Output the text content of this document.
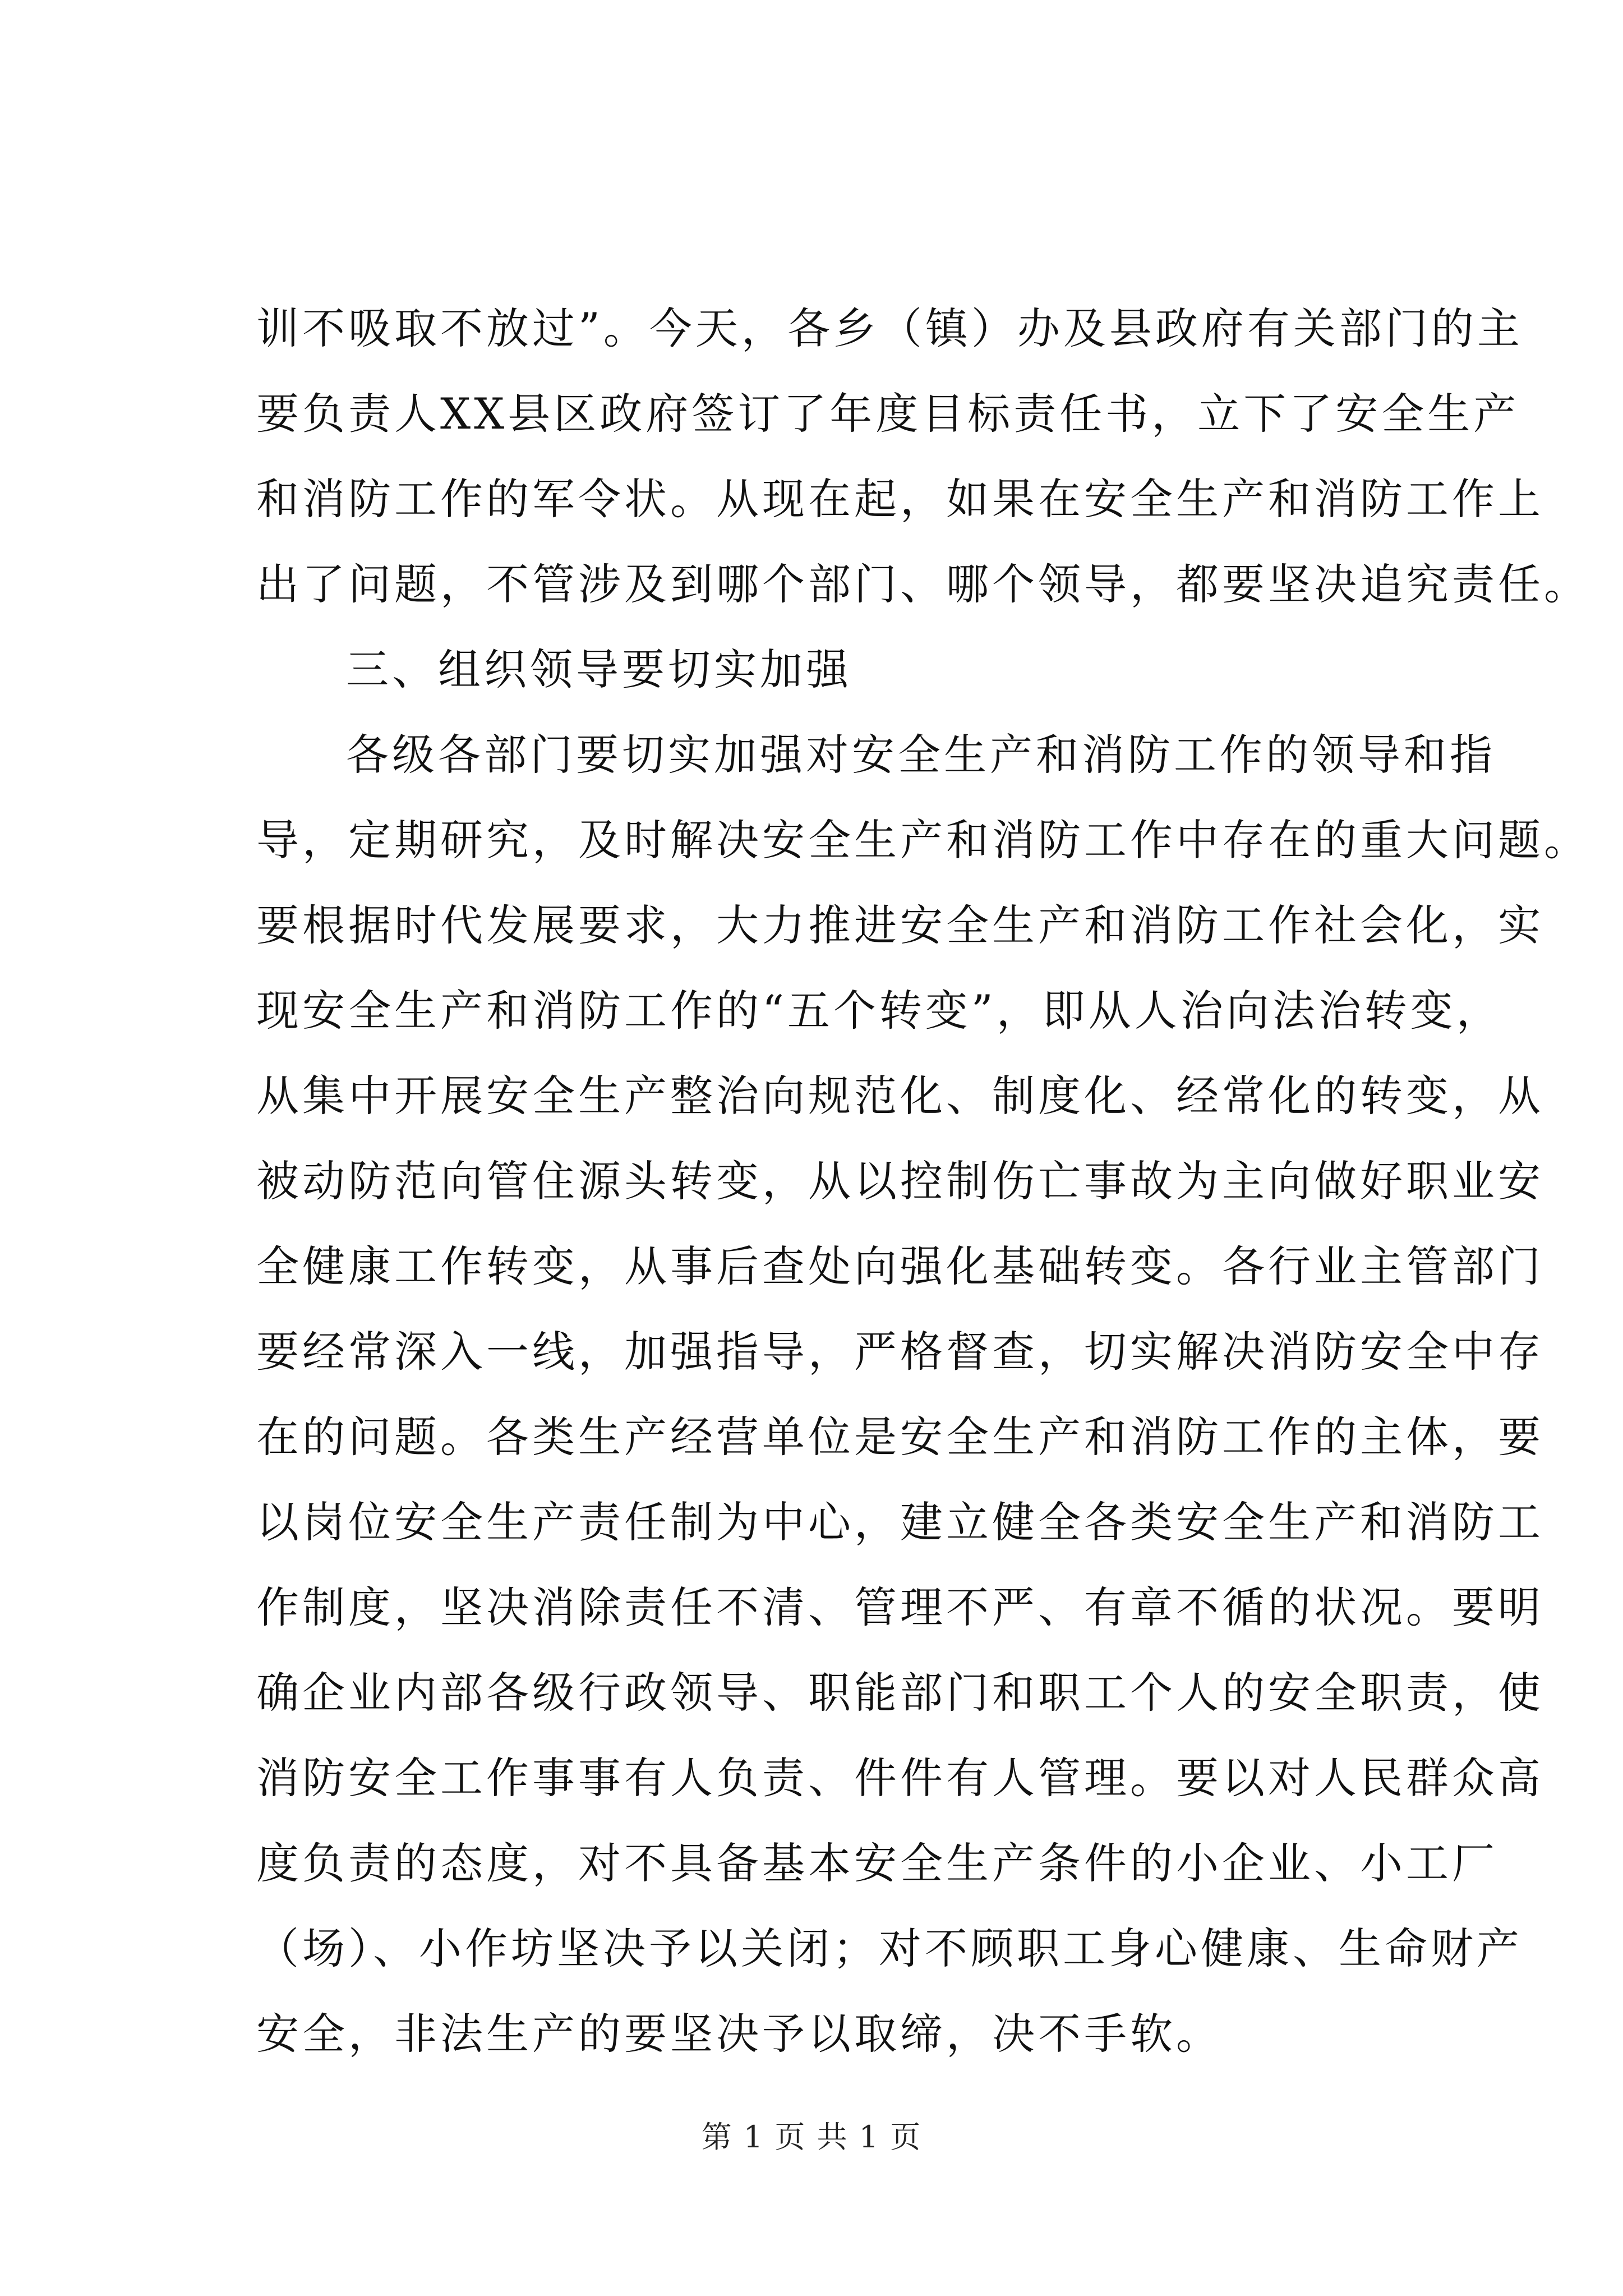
训不吸取不放过”。今天，各乡（镇）办及县政府有关部门的主
要负责人XX县区政府签订了年度目标责任书，立下了安全生产
和消防工作的军令状。从现在起，如果在安全生产和消防工作上
出了问题，不管涉及到哪个部门、哪个领导，都要坚决追究责任。
三、组织领导要切实加强
各级各部门要切实加强对安全生产和消防工作的领导和指
导，定期研究，及时解决安全生产和消防工作中存在的重大问题。
要根据时代发展要求，大力推进安全生产和消防工作社会化，实
现安全生产和消防工作的“五个转变”，即从人治向法治转变，
从集中开展安全生产整治向规范化、制度化、经常化的转变，从
被动防范向管住源头转变，从以控制伤亡事故为主向做好职业安
全健康工作转变，从事后查处向强化基础转变。各行业主管部门
要经常深入一线，加强指导，严格督查，切实解决消防安全中存
在的问题。各类生产经营单位是安全生产和消防工作的主体，要
以岗位安全生产责任制为中心，建立健全各类安全生产和消防工
作制度，坚决消除责任不清、管理不严、有章不循的状况。要明
确企业内部各级行政领导、职能部门和职工个人的安全职责，使
消防安全工作事事有人负责、件件有人管理。要以对人民群众高
度负责的态度，对不具备基本安全生产条件的小企业、小工厂
（场）、小作坊坚决予以关闭；对不顾职工身心健康、生命财产
安全，非法生产的要坚决予以取缔，决不手软。
第 1 页 共 1 页
